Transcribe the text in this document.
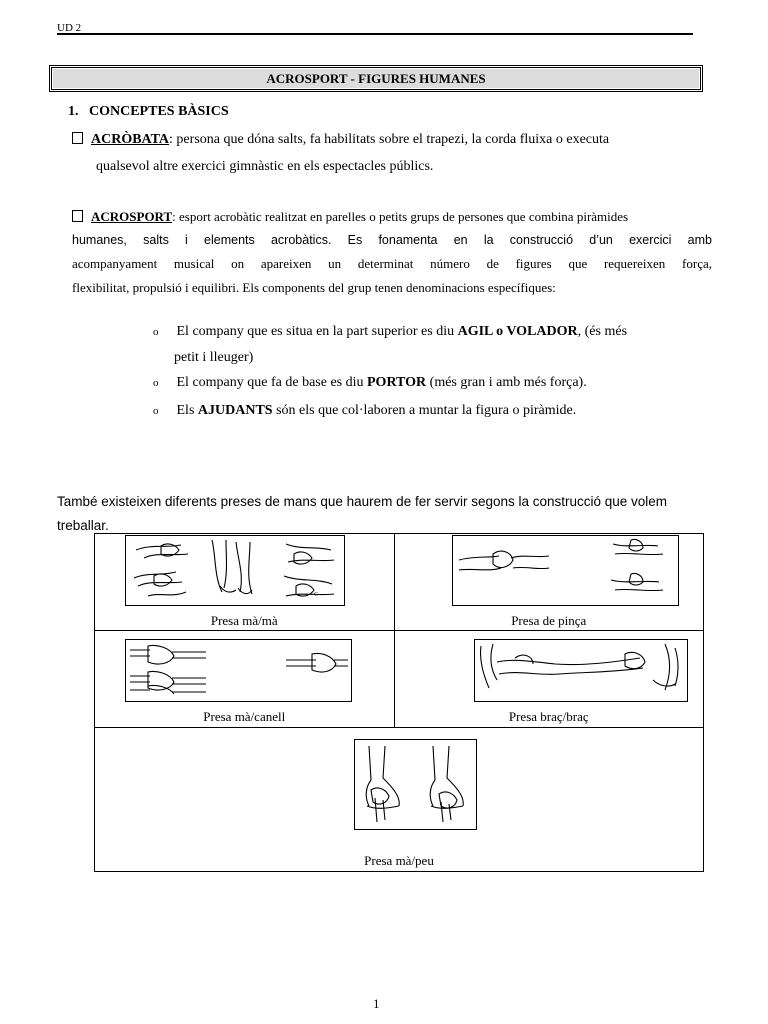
UD 2
ACROSPORT - FIGURES HUMANES
1. CONCEPTES BÀSICS
ACRÒBATA: persona que dóna salts, fa habilitats sobre el trapezi, la corda fluixa o executa
qualsevol altre exercici gimnàstic en els espectacles públics.
ACROSPORT: esport acrobàtic realitzat en parelles o petits grups de persones que combina piràmides
humanes, salts i elements acrobàtics. Es fonamenta en la construcció d’un exercici amb
acompanyament musical on apareixen un determinat número de figures que requereixen força,
flexibilitat, propulsió i equilibri. Els components del grup tenen denominacions específiques:
o El company que es situa en la part superior es diu AGIL o VOLADOR, (és més
petit i lleuger)
o El company que fa de base es diu PORTOR (més gran i amb més força).
o Els AJUDANTS són els que col·laboren a muntar la figura o piràmide.
També existeixen diferents preses de mans que haurem de fer servir segons la construcció que volem
treballar.
C
Presa mà/mà	Presa de pinça

Presa mà/canell	Presa braç/braç

Presa mà/peu	
1
